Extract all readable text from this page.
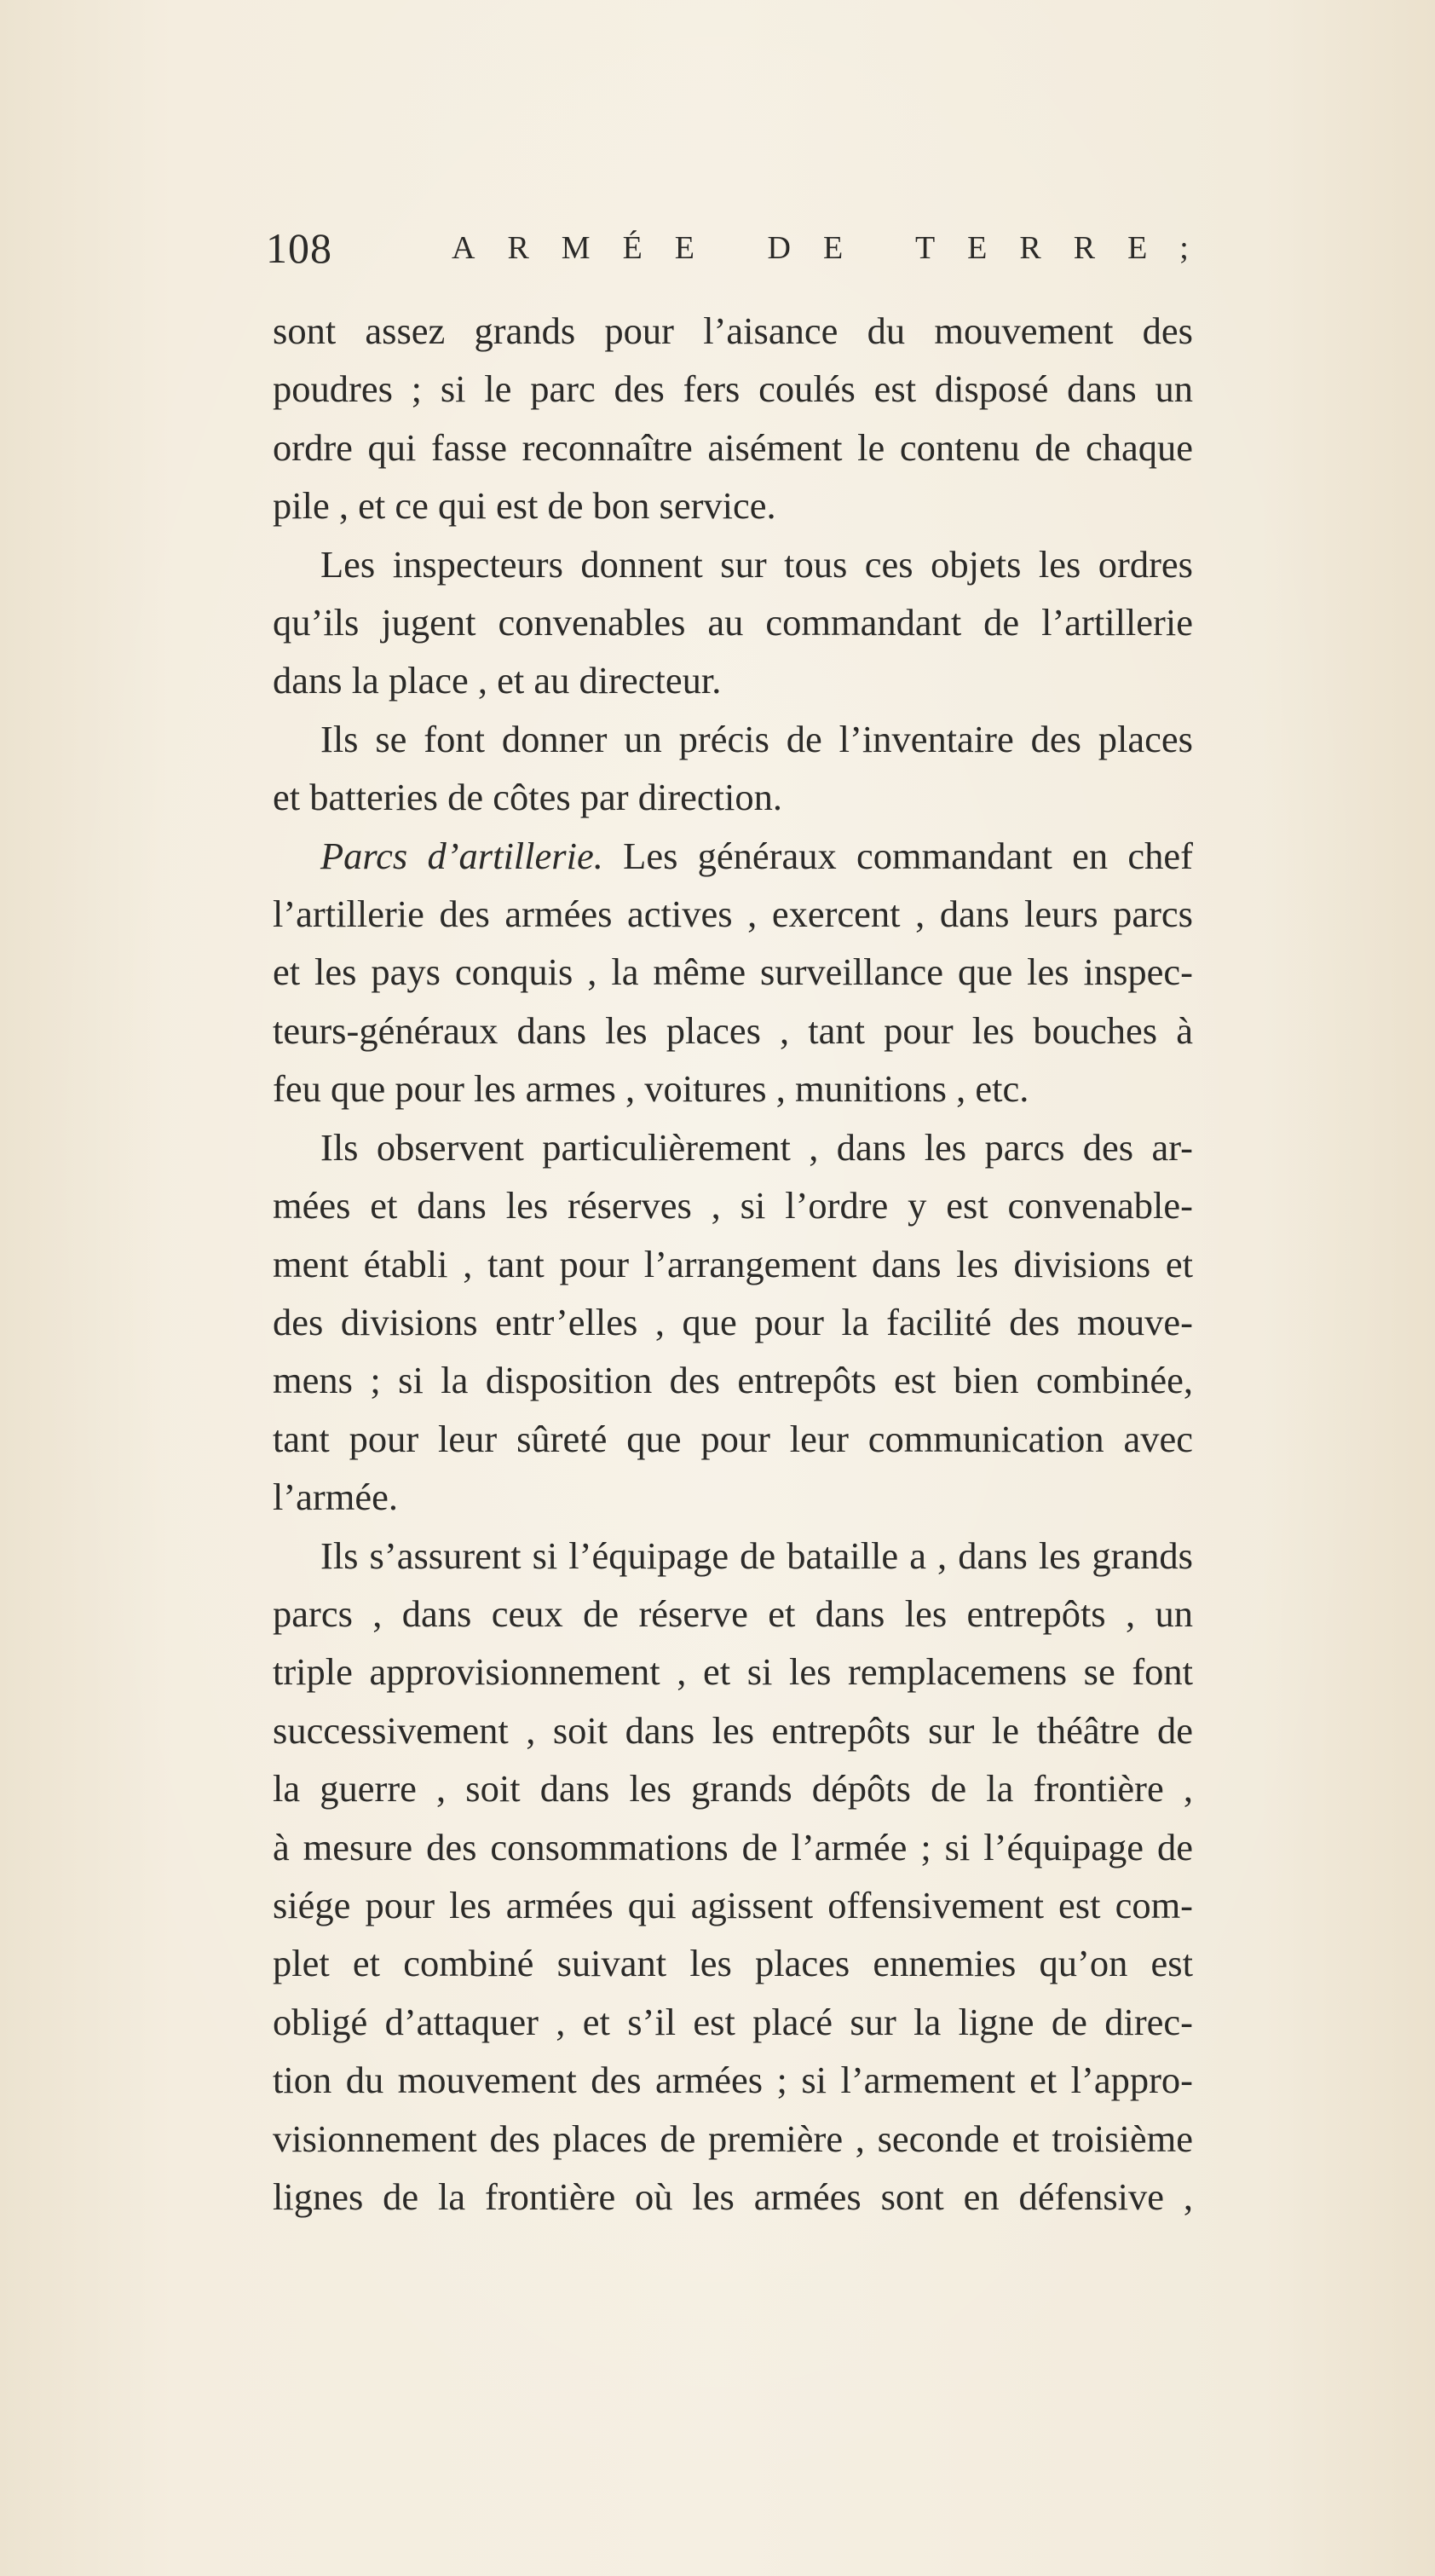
108	ARMÉE DE TERRE;

sont assez grands pour l’aisance du mouvement des
poudres ; si le parc des fers coulés est disposé dans un
ordre qui fasse reconnaître aisément le contenu de chaque
pile , et ce qui est de bon service.

Les inspecteurs donnent sur tous ces objets les ordres
qu’ils jugent convenables au commandant de l’artillerie
dans la place , et au directeur.

Ils se font donner un précis de l’inventaire des places
et batteries de côtes par direction.

Parcs d’artillerie. Les généraux commandant en chef
l’artillerie des armées actives , exercent , dans leurs parcs
et les pays conquis , la même surveillance que les inspec-
teurs-généraux dans les places , tant pour les bouches à
feu que pour les armes , voitures , munitions , etc.

Ils observent particulièrement , dans les parcs des ar-
mées et dans les réserves , si l’ordre y est convenable-
ment établi , tant pour l’arrangement dans les divisions et
des divisions entr’elles , que pour la facilité des mouve-
mens ; si la disposition des entrepôts est bien combinée,
tant pour leur sûreté que pour leur communication avec
l’armée.

Ils s’assurent si l’équipage de bataille a , dans les grands
parcs , dans ceux de réserve et dans les entrepôts , un
triple approvisionnement , et si les remplacemens se font
successivement , soit dans les entrepôts sur le théâtre de
la guerre , soit dans les grands dépôts de la frontière ,
à mesure des consommations de l’armée ; si l’équipage de
siége pour les armées qui agissent offensivement est com-
plet et combiné suivant les places ennemies qu’on est
obligé d’attaquer , et s’il est placé sur la ligne de direc-
tion du mouvement des armées ; si l’armement et l’appro-
visionnement des places de première , seconde et troisième
lignes de la frontière où les armées sont en défensive ,
